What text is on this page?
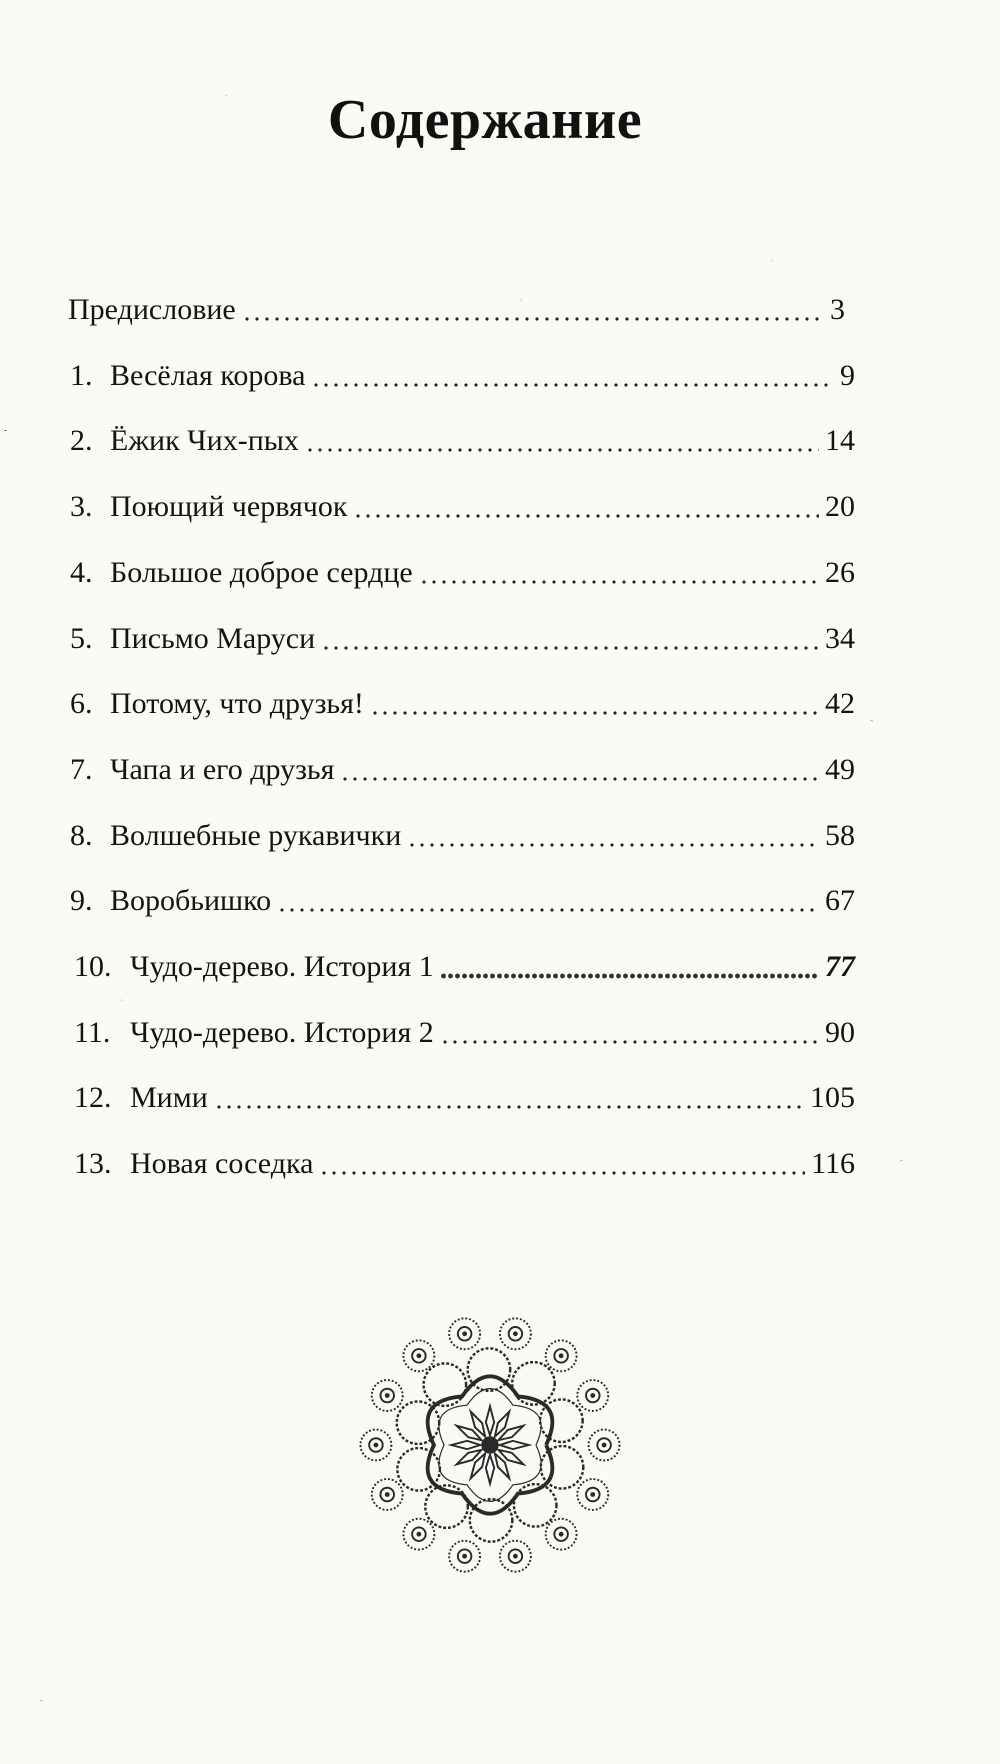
Содержание
Предисловие	3
1. Весёлая корова	9
2. Ёжик Чих-пых	14
3. Поющий червячок	20
4. Большое доброе сердце	26
5. Письмо Маруси	34
6. Потому, что друзья!	42
7. Чапа и его друзья	49
8. Волшебные рукавички	58
9. Воробьишко	67
10. Чудо-дерево. История 1	77
11. Чудо-дерево. История 2	90
12. Мими	105
13. Новая соседка	116
